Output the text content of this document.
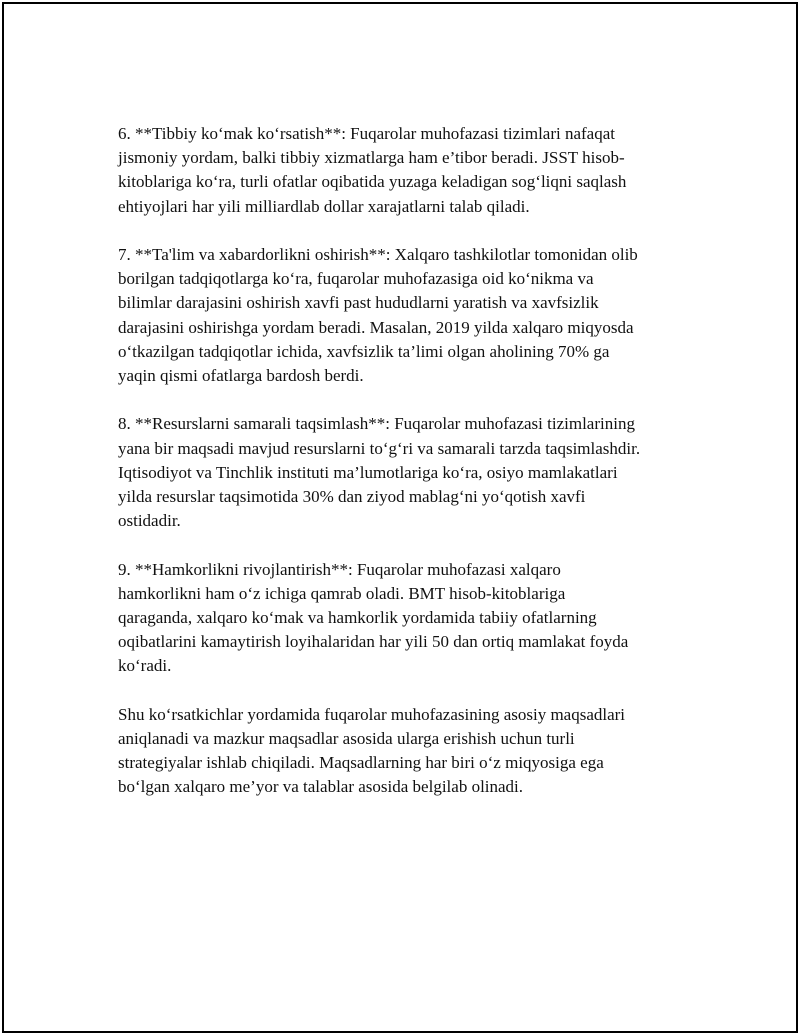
6. **Tibbiy ko‘mak ko‘rsatish**: Fuqarolar muhofazasi tizimlari nafaqat
jismoniy yordam, balki tibbiy xizmatlarga ham e’tibor beradi. JSST hisob-
kitoblariga ko‘ra, turli ofatlar oqibatida yuzaga keladigan sog‘liqni saqlash
ehtiyojlari har yili milliardlab dollar xarajatlarni talab qiladi.

7. **Ta'lim va xabardorlikni oshirish**: Xalqaro tashkilotlar tomonidan olib
borilgan tadqiqotlarga ko‘ra, fuqarolar muhofazasiga oid ko‘nikma va
bilimlar darajasini oshirish xavfi past hududlarni yaratish va xavfsizlik
darajasini oshirishga yordam beradi. Masalan, 2019 yilda xalqaro miqyosda
o‘tkazilgan tadqiqotlar ichida, xavfsizlik ta’limi olgan aholining 70% ga
yaqin qismi ofatlarga bardosh berdi.

8. **Resurslarni samarali taqsimlash**: Fuqarolar muhofazasi tizimlarining
yana bir maqsadi mavjud resurslarni to‘g‘ri va samarali tarzda taqsimlashdir.
Iqtisodiyot va Tinchlik instituti ma’lumotlariga ko‘ra, osiyo mamlakatlari
yilda resurslar taqsimotida 30% dan ziyod mablag‘ni yo‘qotish xavfi
ostidadir.

9. **Hamkorlikni rivojlantirish**: Fuqarolar muhofazasi xalqaro
hamkorlikni ham o‘z ichiga qamrab oladi. BMT hisob-kitoblariga
qaraganda, xalqaro ko‘mak va hamkorlik yordamida tabiiy ofatlarning
oqibatlarini kamaytirish loyihalaridan har yili 50 dan ortiq mamlakat foyda
ko‘radi.

Shu ko‘rsatkichlar yordamida fuqarolar muhofazasining asosiy maqsadlari
aniqlanadi va mazkur maqsadlar asosida ularga erishish uchun turli
strategiyalar ishlab chiqiladi. Maqsadlarning har biri o‘z miqyosiga ega
bo‘lgan xalqaro me’yor va talablar asosida belgilab olinadi.
